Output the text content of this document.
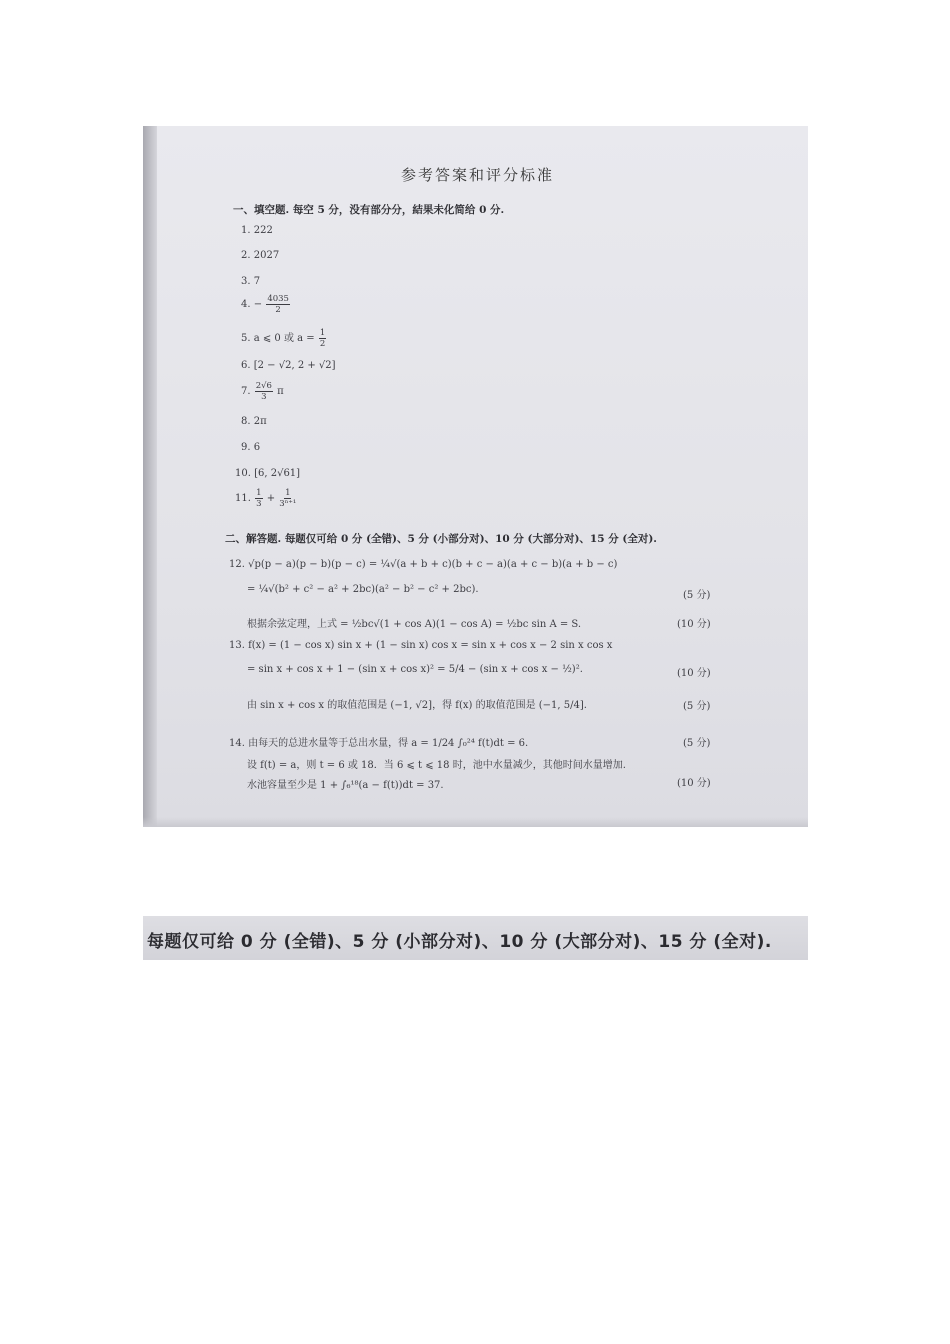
参考答案和评分标准
一、填空题. 每空 5 分，没有部分分，結果未化简给 0 分.
1. 222
2. 2027
3. 7
4. − $\frac{4035}{2}$
5. a ⩽ 0 或 $a = \frac{1}{2}$
6. [2 − √2, 2 + √2]
7. $\frac{2√6}{3}$ π
8. 2π
9. 6
10. [6, 2√61]
11. $\frac{1}{3} + \frac{1}{\text{3ⁿ⁺¹}}$
二、解答题. 每题仅可给 0 分 (全错)、5 分 (小部分对)、10 分 (大部分对)、15 分 (全对).
12. √p(p − a)(p − b)(p − c) = ¼√(a + b + c)(b + c − a)(a + c − b)(a + b − c)
= ¼√(b² + c² − a² + 2bc)(a² − b² − c² + 2bc).
(5 分)
根据余弦定理，上式 = ½bc√(1 + cos A)(1 − cos A) = ½bc sin A = S.	(10 分)
13. f(x) = (1 − cos x) sin x + (1 − sin x) cos x = sin x + cos x − 2 sin x cos x
= sin x + cos x + 1 − (sin x + cos x)² = 5/4 − (sin x + cos x − ½)².	(10 分)
由 sin x + cos x 的取值范围是 (−1, √2]，得 f(x) 的取值范围是 (−1, 5/4].	(5 分)
14. 由每天的总进水量等于总出水量，得 a = 1/24 ∫₀²⁴ f(t)dt = 6.	(5 分)
设 f(t) = a，则 t = 6 或 18．当 6 ⩽ t ⩽ 18 时，池中水量减少，其他时间水量增加.
水池容量至少是 1 + ∫₆¹⁸(a − f(t))dt = 37.	(10 分)
每题仅可给 0 分 (全错)、5 分 (小部分对)、10 分 (大部分对)、15 分 (全对).
